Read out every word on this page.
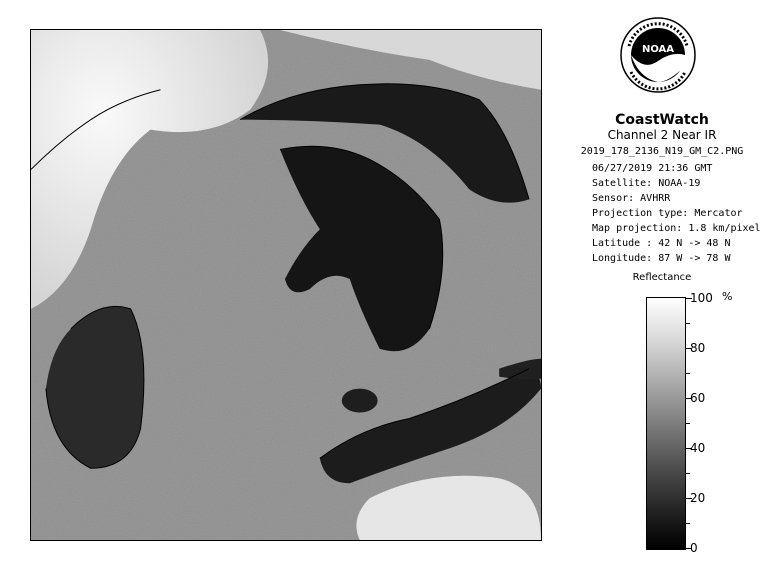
NOAA
CoastWatch
Channel 2 Near IR
2019_178_2136_N19_GM_C2.PNG
06/27/2019 21:36 GMT
Satellite: NOAA-19
Sensor: AVHRR
Projection type: Mercator
Map projection: 1.8 km/pixel
Latitude : 42 N -> 48 N
Longitude: 87 W -> 78 W
Reflectance
%
100
80
60
40
20
0
